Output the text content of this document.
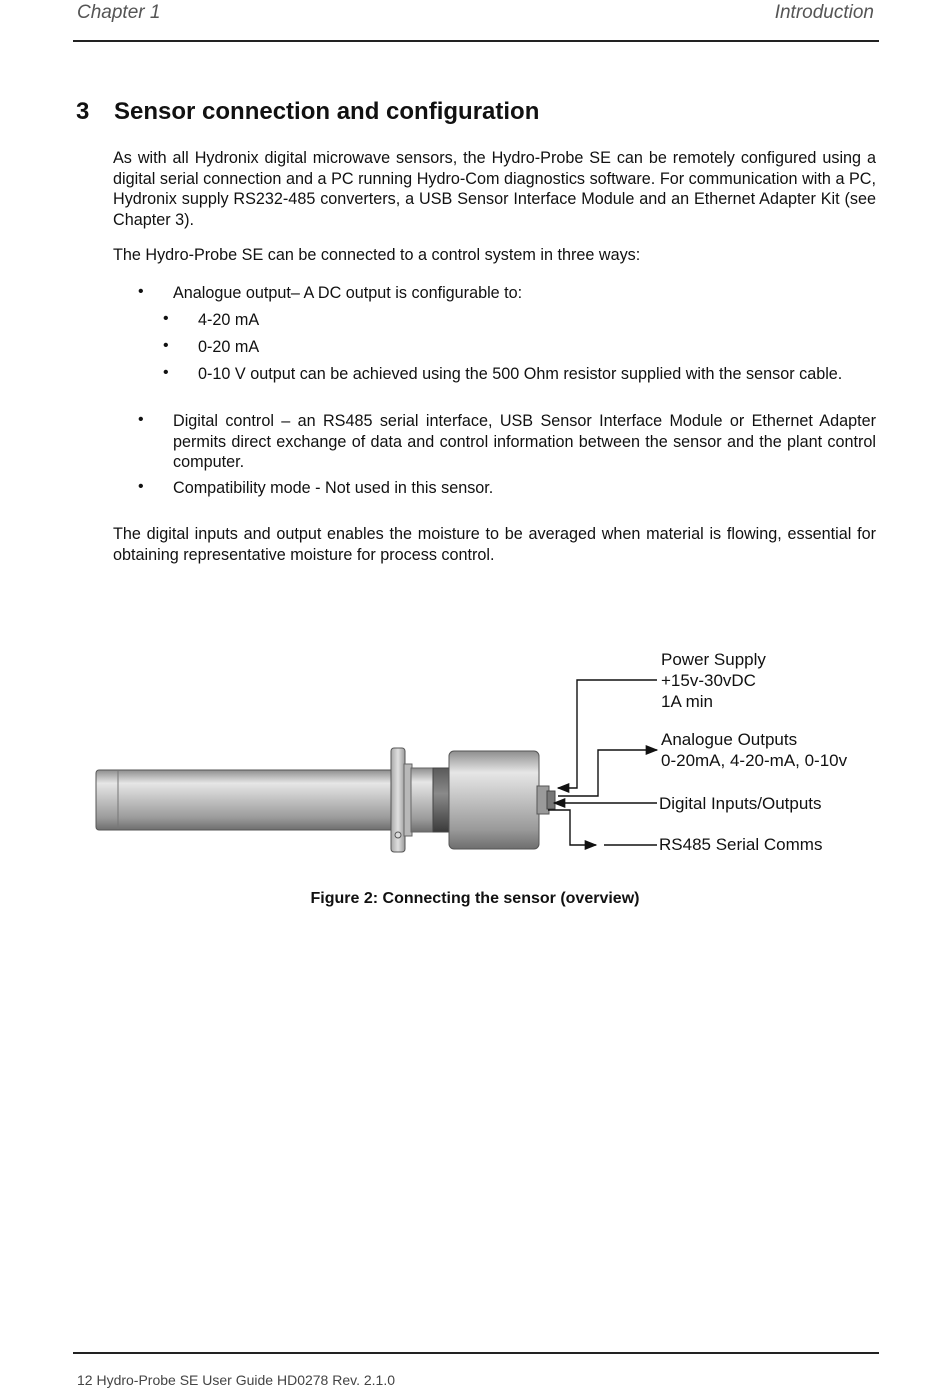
Chapter 1	Introduction
3 Sensor connection and configuration
As with all Hydronix digital microwave sensors, the Hydro-Probe SE can be remotely configured using a digital serial connection and a PC running Hydro-Com diagnostics software. For communication with a PC, Hydronix supply RS232-485 converters, a USB Sensor Interface Module and an Ethernet Adapter Kit (see Chapter 3).
The Hydro-Probe SE can be connected to a control system in three ways:
• Analogue output– A DC output is configurable to:
• 4-20 mA
• 0-20 mA
• 0-10 V output can be achieved using the 500 Ohm resistor supplied with the sensor cable.
• Digital control – an RS485 serial interface, USB Sensor Interface Module or Ethernet Adapter permits direct exchange of data and control information between the sensor and the plant control computer.
• Compatibility mode - Not used in this sensor.
The digital inputs and output enables the moisture to be averaged when material is flowing, essential for obtaining representative moisture for process control.
Power Supply
+15v-30vDC
1A min
Analogue Outputs
0-20mA, 4-20-mA, 0-10v
Digital Inputs/Outputs
RS485 Serial Comms
Figure 2: Connecting the sensor (overview)
12 Hydro-Probe SE User Guide HD0278 Rev. 2.1.0
